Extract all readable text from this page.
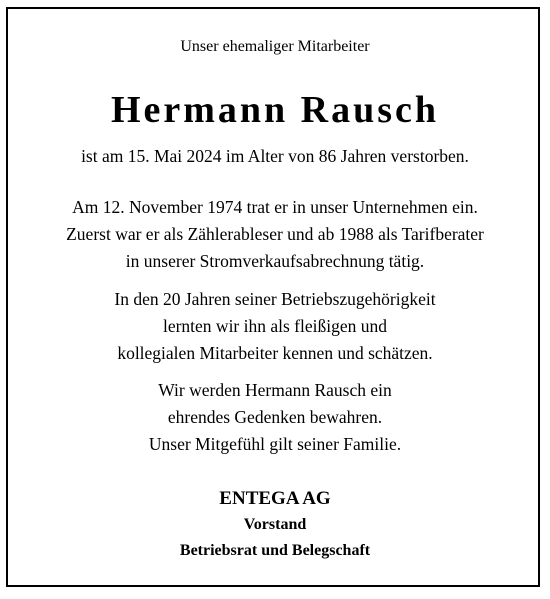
Unser ehemaliger Mitarbeiter
Hermann Rausch
ist am 15. Mai 2024 im Alter von 86 Jahren verstorben.
Am 12. November 1974 trat er in unser Unternehmen ein.
Zuerst war er als Zählerableser und ab 1988 als Tarifberater
in unserer Stromverkaufsabrechnung tätig.
In den 20 Jahren seiner Betriebszugehörigkeit
lernten wir ihn als fleißigen und
kollegialen Mitarbeiter kennen und schätzen.
Wir werden Hermann Rausch ein
ehrendes Gedenken bewahren.
Unser Mitgefühl gilt seiner Familie.
ENTEGA AG
Vorstand
Betriebsrat und Belegschaft
